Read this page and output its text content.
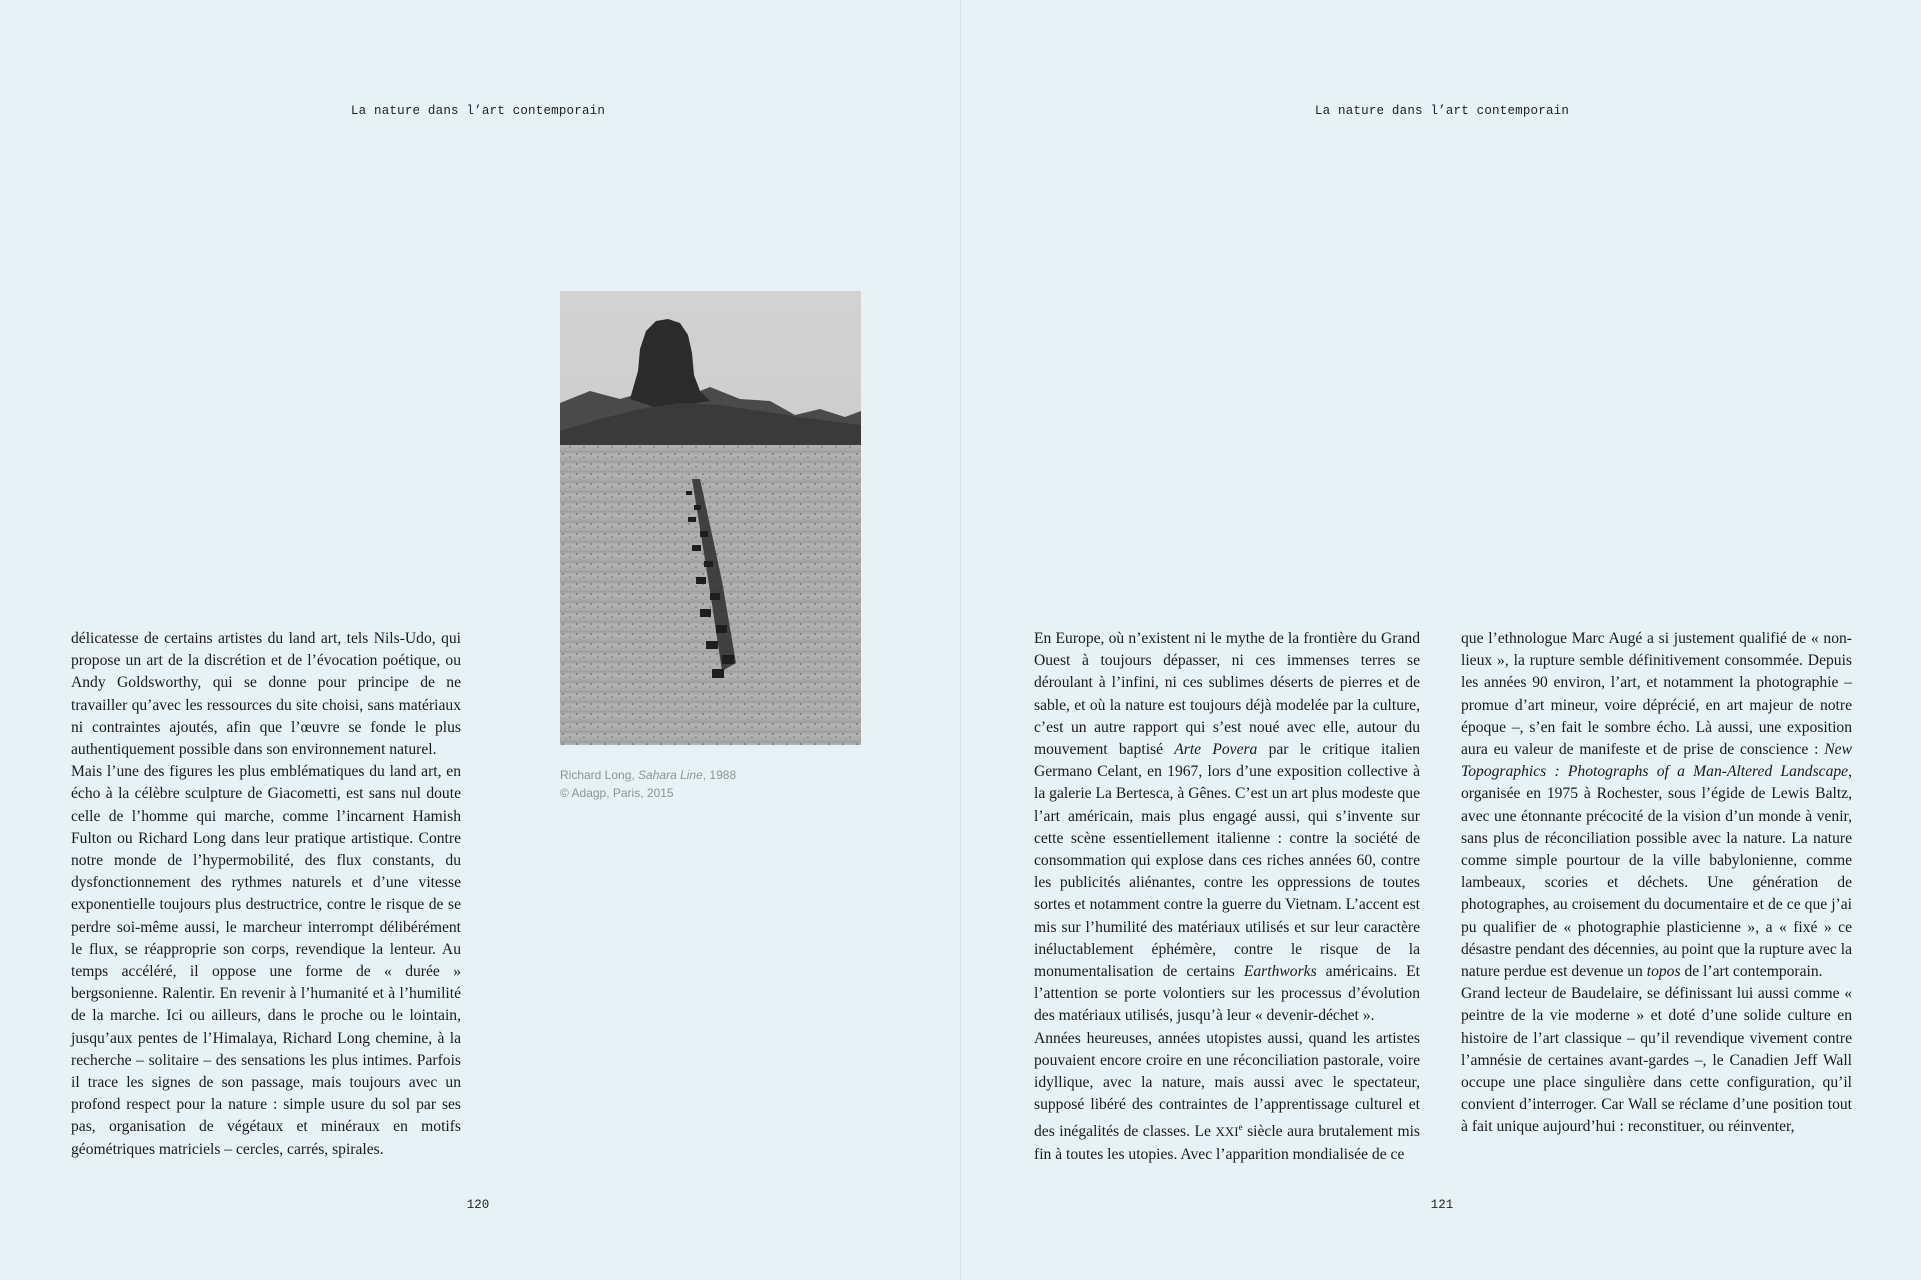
La nature dans l’art contemporain

délicatesse de certains artistes du land art, tels Nils-Udo, qui propose un art de la discrétion et de l’évocation poétique, ou Andy Goldsworthy, qui se donne pour principe de ne travailler qu’avec les ressources du site choisi, sans matériaux ni contraintes ajoutés, afin que l’œuvre se fonde le plus authentiquement possible dans son environnement naturel.

Mais l’une des figures les plus emblématiques du land art, en écho à la célèbre sculpture de Giacometti, est sans nul doute celle de l’homme qui marche, comme l’incarnent Hamish Fulton ou Richard Long dans leur pratique artistique. Contre notre monde de l’hypermobilité, des flux constants, du dysfonctionnement des rythmes naturels et d’une vitesse exponentielle toujours plus destructrice, contre le risque de se perdre soi-même aussi, le marcheur interrompt délibérément le flux, se réapproprie son corps, revendique la lenteur. Au temps accéléré, il oppose une forme de « durée » bergsonienne. Ralentir. En revenir à l’humanité et à l’humilité de la marche. Ici ou ailleurs, dans le proche ou le lointain, jusqu’aux pentes de l’Himalaya, Richard Long chemine, à la recherche – solitaire – des sensations les plus intimes. Parfois il trace les signes de son passage, mais toujours avec un profond respect pour la nature : simple usure du sol par ses pas, organisation de végétaux et minéraux en motifs géométriques matriciels – cercles, carrés, spirales.

Richard Long, Sahara Line, 1988
© Adagp, Paris, 2015
120
La nature dans l’art contemporain

En Europe, où n’existent ni le mythe de la frontière du Grand Ouest à toujours dépasser, ni ces immenses terres se déroulant à l’infini, ni ces sublimes déserts de pierres et de sable, et où la nature est toujours déjà modelée par la culture, c’est un autre rapport qui s’est noué avec elle, autour du mouvement baptisé Arte Povera par le critique italien Germano Celant, en 1967, lors d’une exposition collective à la galerie La Bertesca, à Gênes. C’est un art plus modeste que l’art américain, mais plus engagé aussi, qui s’invente sur cette scène essentiellement italienne : contre la société de consommation qui explose dans ces riches années 60, contre les publicités aliénantes, contre les oppressions de toutes sortes et notamment contre la guerre du Vietnam. L’accent est mis sur l’humilité des matériaux utilisés et sur leur caractère inéluctablement éphémère, contre le risque de la monumentalisation de certains Earthworks américains. Et l’attention se porte volontiers sur les processus d’évolution des matériaux utilisés, jusqu’à leur « devenir-déchet ».

Années heureuses, années utopistes aussi, quand les artistes pouvaient encore croire en une réconciliation pastorale, voire idyllique, avec la nature, mais aussi avec le spectateur, supposé libéré des contraintes de l’apprentissage culturel et des inégalités de classes. Le XXIe siècle aura brutalement mis fin à toutes les utopies. Avec l’apparition mondialisée de ce

que l’ethnologue Marc Augé a si justement qualifié de « non-lieux », la rupture semble définitivement consommée. Depuis les années 90 environ, l’art, et notamment la photographie – promue d’art mineur, voire déprécié, en art majeur de notre époque –, s’en fait le sombre écho. Là aussi, une exposition aura eu valeur de manifeste et de prise de conscience : New Topographics : Photographs of a Man-Altered Landscape, organisée en 1975 à Rochester, sous l’égide de Lewis Baltz, avec une étonnante précocité de la vision d’un monde à venir, sans plus de réconciliation possible avec la nature. La nature comme simple pourtour de la ville babylonienne, comme lambeaux, scories et déchets. Une génération de photographes, au croisement du documentaire et de ce que j’ai pu qualifier de « photographie plasticienne », a « fixé » ce désastre pendant des décennies, au point que la rupture avec la nature perdue est devenue un topos de l’art contemporain.

Grand lecteur de Baudelaire, se définissant lui aussi comme « peintre de la vie moderne » et doté d’une solide culture en histoire de l’art classique – qu’il revendique vivement contre l’amnésie de certaines avant-gardes –, le Canadien Jeff Wall occupe une place singulière dans cette configuration, qu’il convient d’interroger. Car Wall se réclame d’une position tout à fait unique aujourd’hui : reconstituer, ou réinventer,

121
